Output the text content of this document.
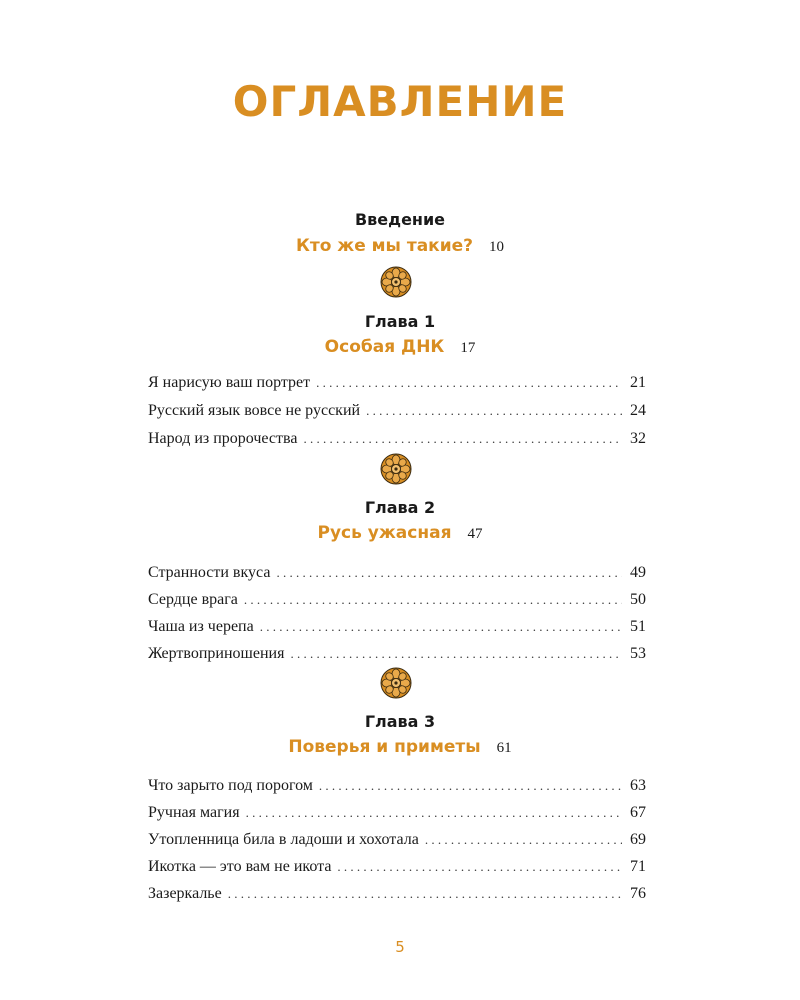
ОГЛАВЛЕНИЕ
Введение
Кто же мы такие? 10
Глава 1
Особая ДНК 17
Я нарисую ваш портрет . . .	21
Русский язык вовсе не русский . . .	24
Народ из пророчества . . .	32
Глава 2
Русь ужасная 47
Странности вкуса . . .	49
Сердце врага . . .	50
Чаша из черепа . . .	51
Жертвоприношения . . .	53
Глава 3
Поверья и приметы 61
Что зарыто под порогом . . .	63
Ручная магия . . .	67
Утопленница била в ладоши и хохотала . . .	69
Икотка — это вам не икота . . .	71
Зазеркалье . . .	76
5
